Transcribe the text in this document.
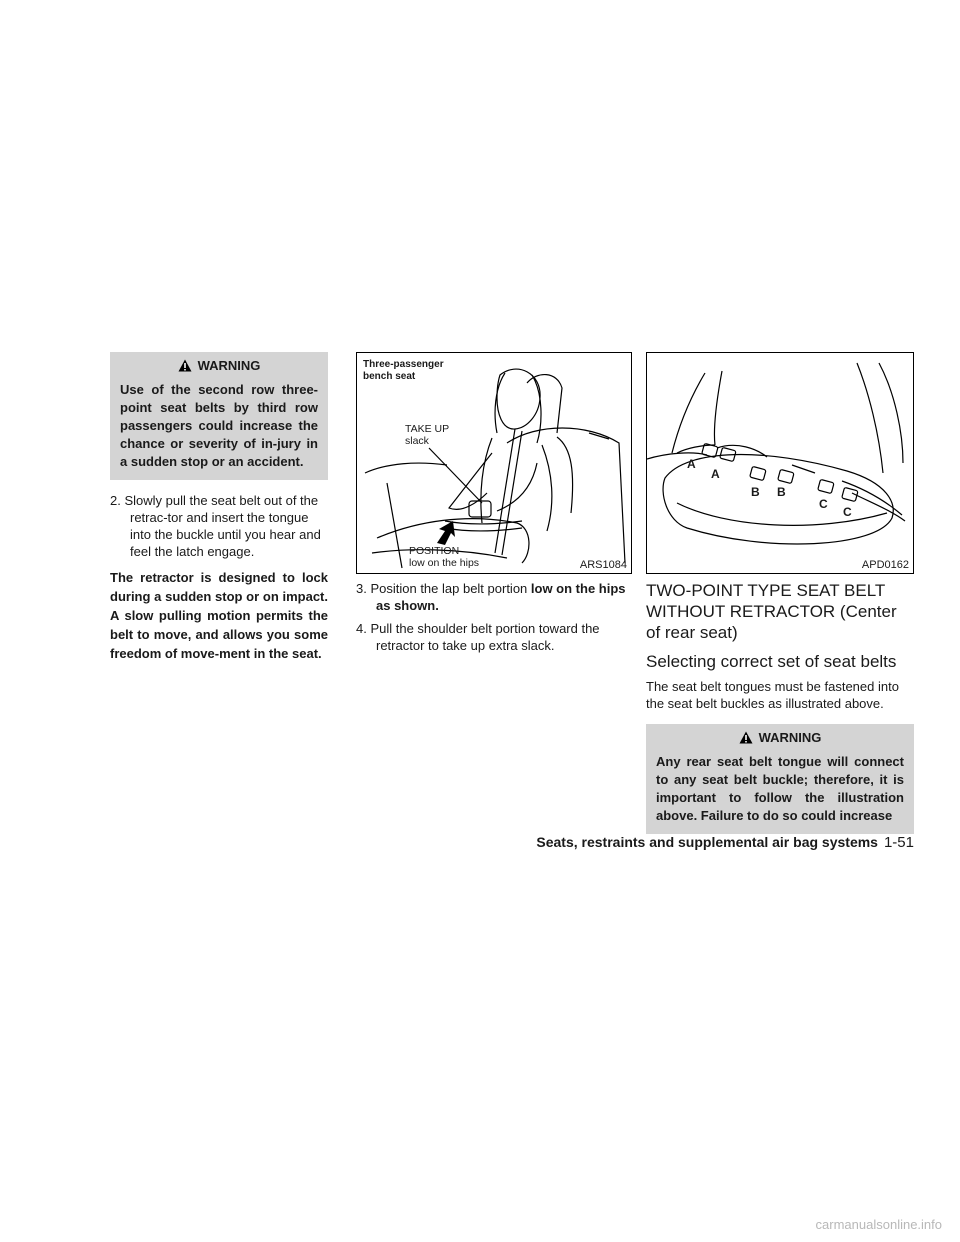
WARNING
Use of the second row three-point seat belts by third row passengers could increase the chance or severity of in-jury in a sudden stop or an accident.

2. Slowly pull the seat belt out of the retrac-tor and insert the tongue into the buckle until you hear and feel the latch engage.

The retractor is designed to lock during a sudden stop or on impact. A slow pulling motion permits the belt to move, and allows you some freedom of move-ment in the seat.

Three-passenger
bench seat
TAKE UP
slack
POSITION
low on the hips	ARS1084

3. Position the lap belt portion low on the hips as shown.

4. Pull the shoulder belt portion toward the retractor to take up extra slack.

A
A
B B
C
C
APD0162
TWO-POINT TYPE SEAT BELT WITHOUT RETRACTOR (Center of rear seat)
Selecting correct set of seat belts

The seat belt tongues must be fastened into the seat belt buckles as illustrated above.

WARNING
Any rear seat belt tongue will connect to any seat belt buckle; therefore, it is important to follow the illustration above. Failure to do so could increase
Seats, restraints and supplemental air bag systems 1-51
carmanualsonline.info
